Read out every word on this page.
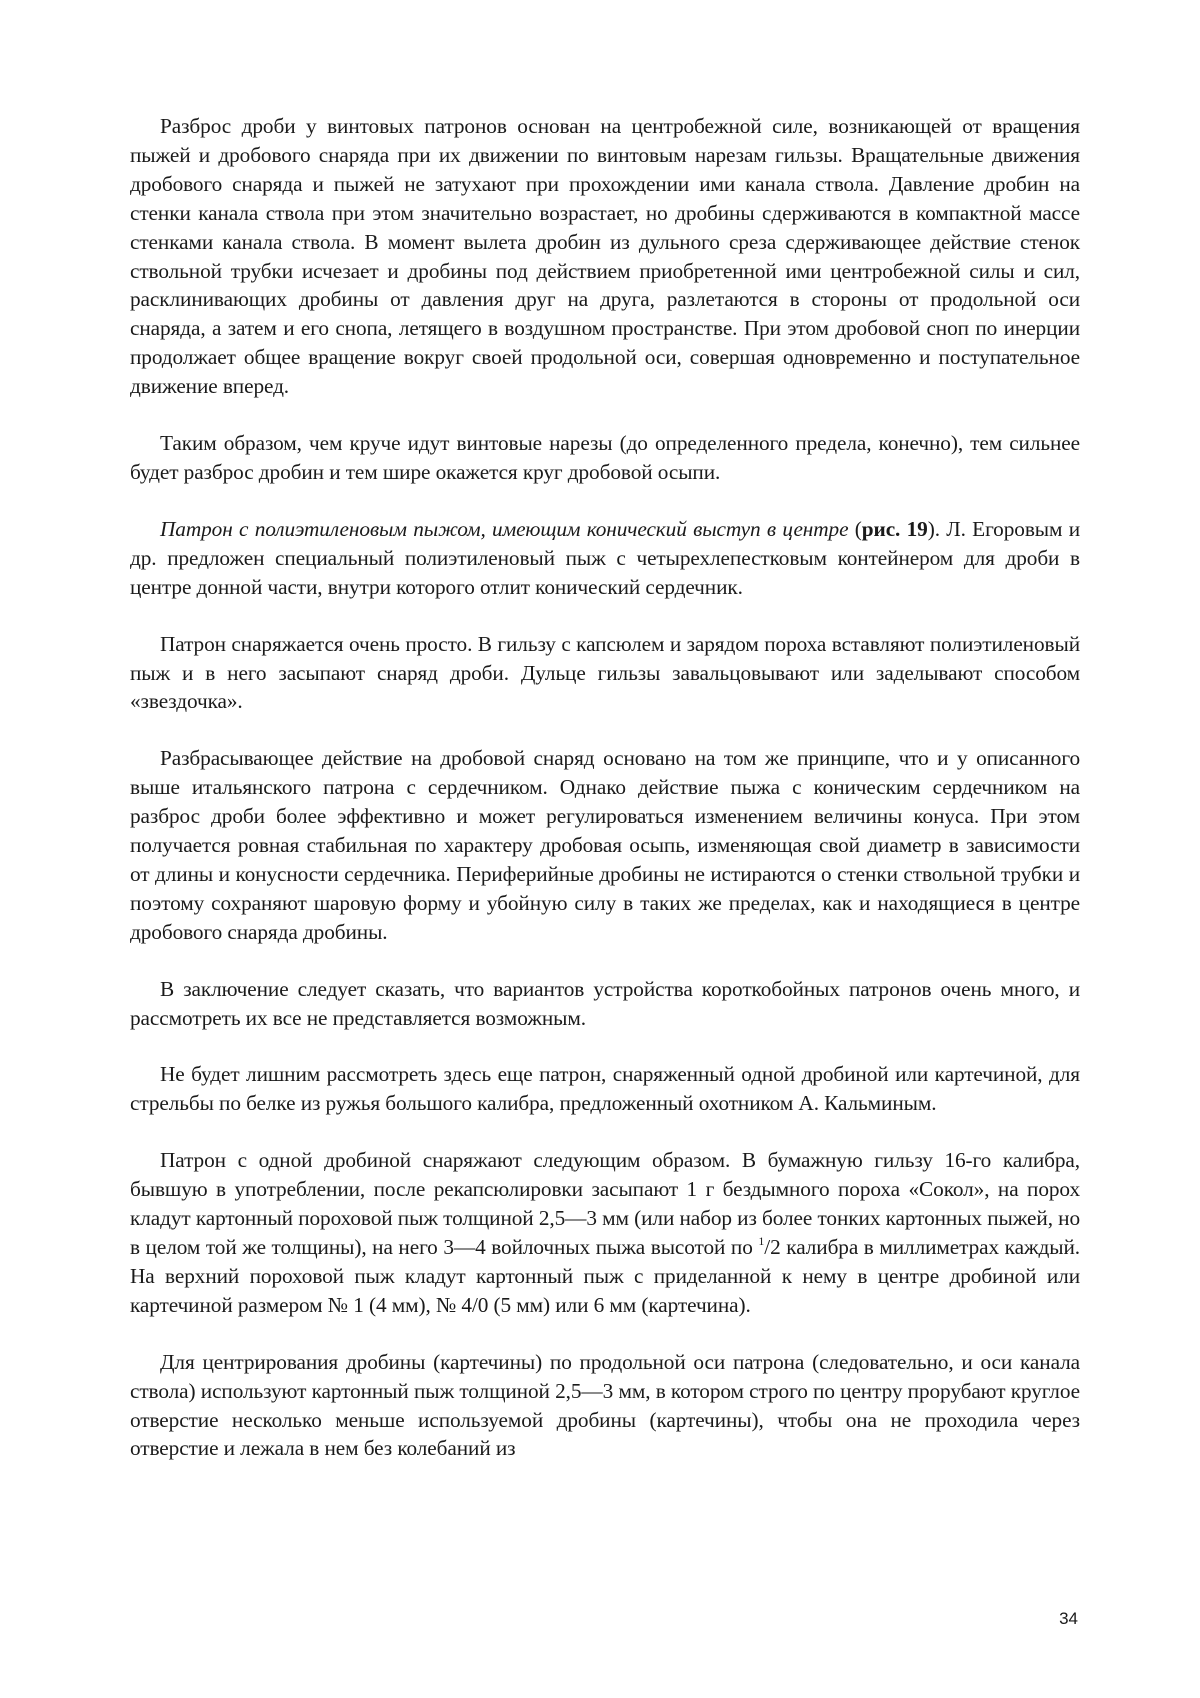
Разброс дроби у винтовых патронов основан на центробежной силе, возникающей от вращения пыжей и дробового снаряда при их движении по винтовым нарезам гильзы. Вращательные движения дробового снаряда и пыжей не затухают при прохождении ими канала ствола. Давление дробин на стенки канала ствола при этом значительно возрастает, но дробины сдерживаются в компактной массе стенками канала ствола. В момент вылета дробин из дульного среза сдерживающее действие стенок ствольной трубки исчезает и дробины под действием приобретенной ими центробежной силы и сил, расклинивающих дробины от давления друг на друга, разлетаются в стороны от продольной оси снаряда, а затем и его снопа, летящего в воздушном пространстве. При этом дробовой сноп по инерции продолжает общее вращение вокруг своей продольной оси, совершая одновременно и поступательное движение вперед.

Таким образом, чем круче идут винтовые нарезы (до определенного предела, конечно), тем сильнее будет разброс дробин и тем шире окажется круг дробовой осыпи.

Патрон с полиэтиленовым пыжом, имеющим конический выступ в центре (рис. 19). Л. Егоровым и др. предложен специальный полиэтиленовый пыж с четырехлепестковым контейнером для дроби в центре донной части, внутри которого отлит конический сердечник.

Патрон снаряжается очень просто. В гильзу с капсюлем и зарядом пороха вставляют полиэтиленовый пыж и в него засыпают снаряд дроби. Дульце гильзы завальцовывают или заделывают способом «звездочка».

Разбрасывающее действие на дробовой снаряд основано на том же принципе, что и у описанного выше итальянского патрона с сердечником. Однако действие пыжа с коническим сердечником на разброс дроби более эффективно и может регулироваться изменением величины конуса. При этом получается ровная стабильная по характеру дробовая осыпь, изменяющая свой диаметр в зависимости от длины и конусности сердечника. Периферийные дробины не истираются о стенки ствольной трубки и поэтому сохраняют шаровую форму и убойную силу в таких же пределах, как и находящиеся в центре дробового снаряда дробины.

В заключение следует сказать, что вариантов устройства короткобойных патронов очень много, и рассмотреть их все не представляется возможным.

Не будет лишним рассмотреть здесь еще патрон, снаряженный одной дробиной или картечиной, для стрельбы по белке из ружья большого калибра, предложенный охотником А. Кальминым.

Патрон с одной дробиной снаряжают следующим образом. В бумажную гильзу 16-го калибра, бывшую в употреблении, после рекапсюлировки засыпают 1 г бездымного пороха «Сокол», на порох кладут картонный пороховой пыж толщиной 2,5—3 мм (или набор из более тонких картонных пыжей, но в целом той же толщины), на него 3—4 войлочных пыжа высотой по $^1$/2 калибра в миллиметрах каждый. На верхний пороховой пыж кладут картонный пыж с приделанной к нему в центре дробиной или картечиной размером № 1 (4 мм), № 4/0 (5 мм) или 6 мм (картечина).

Для центрирования дробины (картечины) по продольной оси патрона (следовательно, и оси канала ствола) используют картонный пыж толщиной 2,5—3 мм, в котором строго по центру прорубают круглое отверстие несколько меньше используемой дробины (картечины), чтобы она не проходила через отверстие и лежала в нем без колебаний из

34
